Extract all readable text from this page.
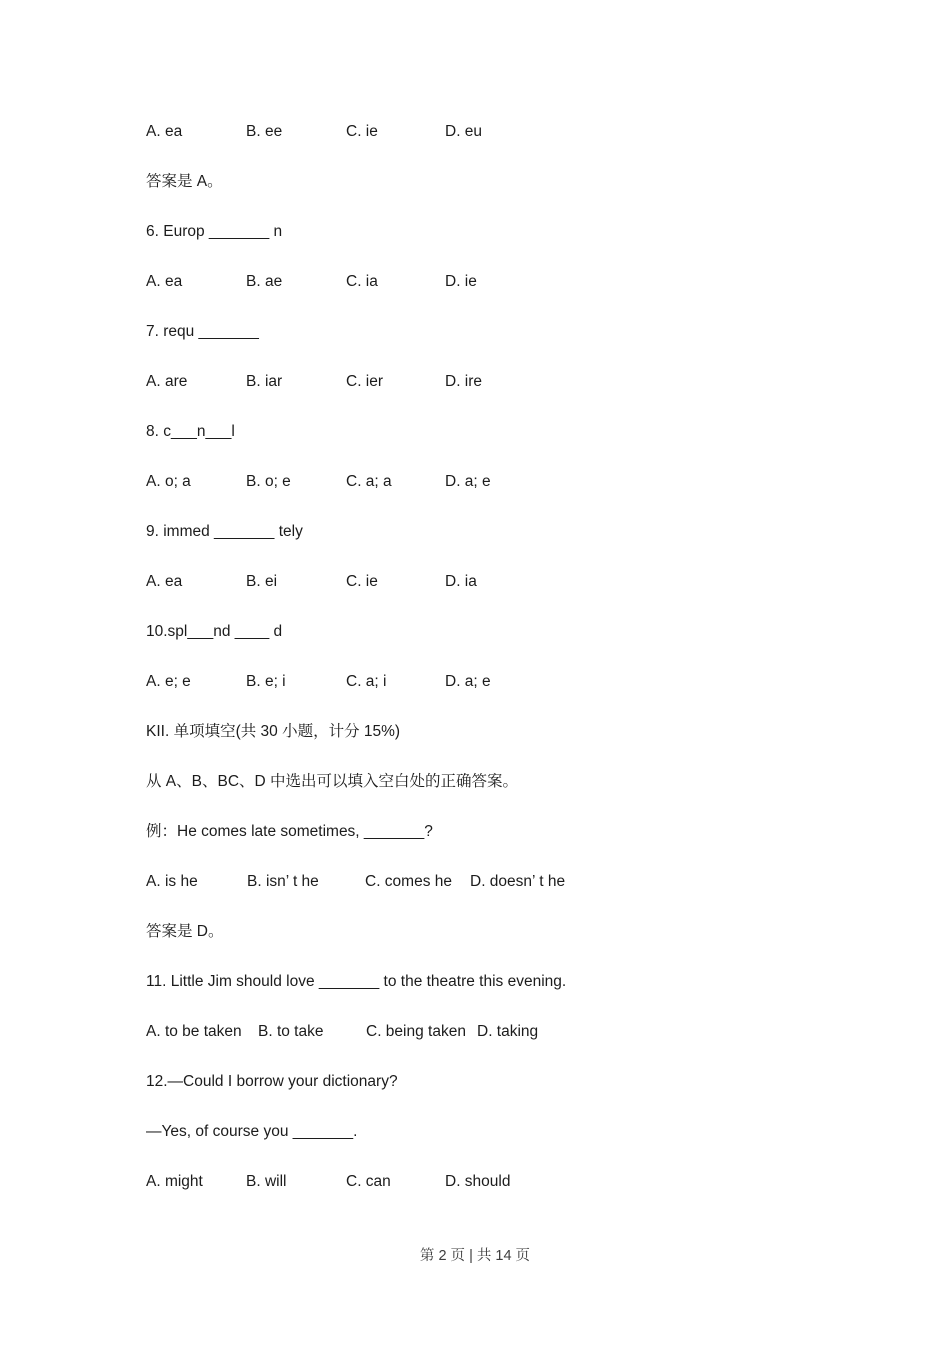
A. ea	B. ee	C. ie	D. eu
答案是 A。
6. Europ _______ n
A. ea	B. ae	C. ia	D. ie
7. requ _______
A. are	B. iar	C. ier	D. ire
8. c___n___l
A. o; a	B. o; e	C. a; a	D. a; e
9. immed _______ tely
A. ea	B. ei	C. ie	D. ia
10.spl___nd ____ d
A. e; e	B. e; i	C. a; i	D. a; e
KII. 单项填空(共 30 小题，计分 15%)
从 A、B、BC、D 中选出可以填入空白处的正确答案。
例：He comes late sometimes, _______?
A. is he	B. isn’ t he	C. comes he D. doesn’ t he
答案是 D。
11. Little Jim should love _______ to the theatre this evening.
A. to be taken B. to take	C. being taken D. taking
12.—Could I borrow your dictionary?
—Yes, of course you _______.
A. might	B. will	C. can	D. should
第 2 页 | 共 14 页
